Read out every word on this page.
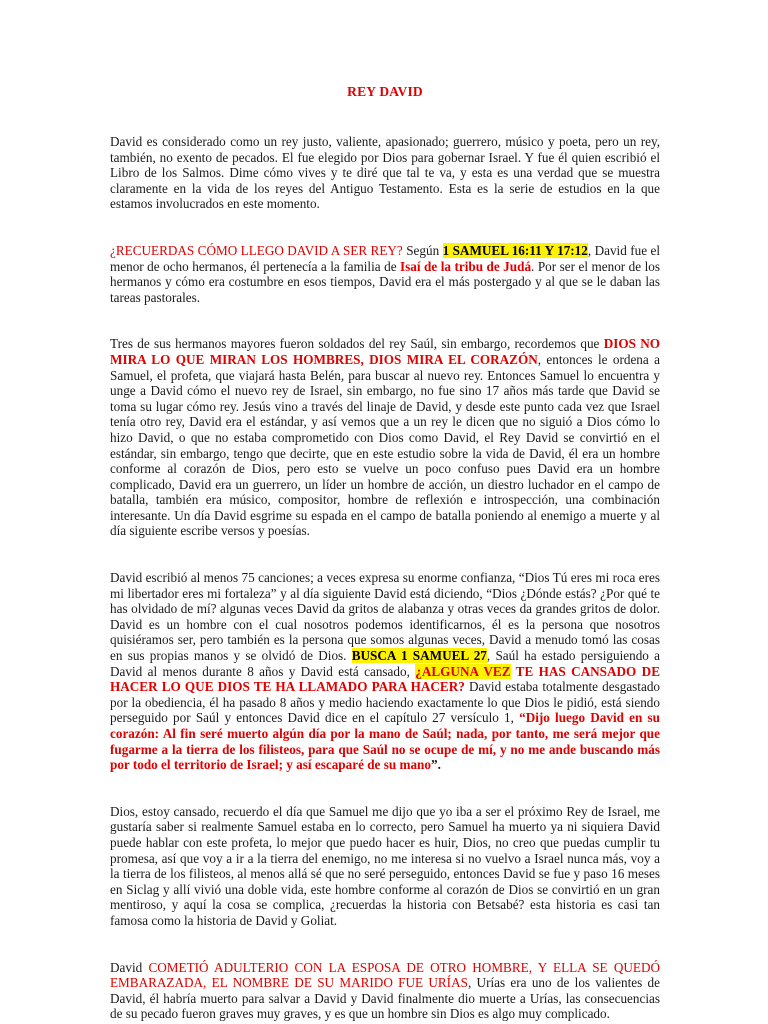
REY DAVID

David es considerado como un rey justo, valiente, apasionado; guerrero, músico y poeta, pero un rey, también, no exento de pecados. El fue elegido por Dios para gobernar Israel. Y fue él quien escribió el Libro de los Salmos. Dime cómo vives y te diré que tal te va, y esta es una verdad que se muestra claramente en la vida de los reyes del Antiguo Testamento. Esta es la serie de estudios en la que estamos involucrados en este momento.

¿RECUERDAS CÓMO LLEGO DAVID A SER REY? Según 1 SAMUEL 16:11 Y 17:12, David fue el menor de ocho hermanos, él pertenecía a la familia de Isaí de la tribu de Judá. Por ser el menor de los hermanos y cómo era costumbre en esos tiempos, David era el más postergado y al que se le daban las tareas pastorales.

Tres de sus hermanos mayores fueron soldados del rey Saúl, sin embargo, recordemos que DIOS NO MIRA LO QUE MIRAN LOS HOMBRES, DIOS MIRA EL CORAZÓN, entonces le ordena a Samuel, el profeta, que viajará hasta Belén, para buscar al nuevo rey. Entonces Samuel lo encuentra y unge a David cómo el nuevo rey de Israel, sin embargo, no fue sino 17 años más tarde que David se toma su lugar cómo rey. Jesús vino a través del linaje de David, y desde este punto cada vez que Israel tenía otro rey, David era el estándar, y así vemos que a un rey le dicen que no siguió a Dios cómo lo hizo David, o que no estaba comprometido con Dios como David, el Rey David se convirtió en el estándar, sin embargo, tengo que decirte, que en este estudio sobre la vida de David, él era un hombre conforme al corazón de Dios, pero esto se vuelve un poco confuso pues David era un hombre complicado, David era un guerrero, un líder un hombre de acción, un diestro luchador en el campo de batalla, también era músico, compositor, hombre de reflexión e introspección, una combinación interesante. Un día David esgrime su espada en el campo de batalla poniendo al enemigo a muerte y al día siguiente escribe versos y poesías.

David escribió al menos 75 canciones; a veces expresa su enorme confianza, “Dios Tú eres mi roca eres mi libertador eres mi fortaleza” y al día siguiente David está diciendo, “Dios ¿Dónde estás? ¿Por qué te has olvidado de mí? algunas veces David da gritos de alabanza y otras veces da grandes gritos de dolor. David es un hombre con el cual nosotros podemos identificarnos, él es la persona que nosotros quisiéramos ser, pero también es la persona que somos algunas veces, David a menudo tomó las cosas en sus propias manos y se olvidó de Dios. BUSCA 1 SAMUEL 27, Saúl ha estado persiguiendo a David al menos durante 8 años y David está cansado, ¿ALGUNA VEZ TE HAS CANSADO DE HACER LO QUE DIOS TE HA LLAMADO PARA HACER? David estaba totalmente desgastado por la obediencia, él ha pasado 8 años y medio haciendo exactamente lo que Dios le pidió, está siendo perseguido por Saúl y entonces David dice en el capítulo 27 versículo 1, “Dijo luego David en su corazón: Al fin seré muerto algún día por la mano de Saúl; nada, por tanto, me será mejor que fugarme a la tierra de los filisteos, para que Saúl no se ocupe de mí, y no me ande buscando más por todo el territorio de Israel; y así escaparé de su mano”.

Dios, estoy cansado, recuerdo el día que Samuel me dijo que yo iba a ser el próximo Rey de Israel, me gustaría saber si realmente Samuel estaba en lo correcto, pero Samuel ha muerto ya ni siquiera David puede hablar con este profeta, lo mejor que puedo hacer es huir, Dios, no creo que puedas cumplir tu promesa, así que voy a ir a la tierra del enemigo, no me interesa si no vuelvo a Israel nunca más, voy a la tierra de los filisteos, al menos allá sé que no seré perseguido, entonces David se fue y paso 16 meses en Siclag y allí vivió una doble vida, este hombre conforme al corazón de Dios se convirtió en un gran mentiroso, y aquí la cosa se complica, ¿recuerdas la historia con Betsabé? esta historia es casi tan famosa como la historia de David y Goliat.

David COMETIÓ ADULTERIO CON LA ESPOSA DE OTRO HOMBRE, Y ELLA SE QUEDÓ EMBARAZADA, EL NOMBRE DE SU MARIDO FUE URÍAS, Urías era uno de los valientes de David, él habría muerto para salvar a David y David finalmente dio muerte a Urías, las consecuencias de su pecado fueron graves muy graves, y es que un hombre sin Dios es algo muy complicado.
